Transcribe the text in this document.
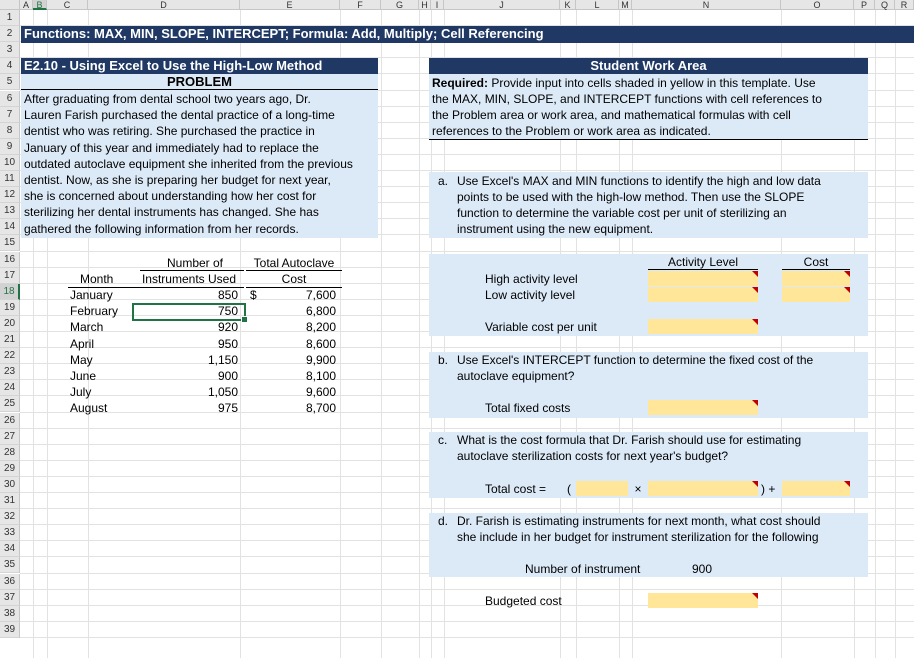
A B	C	D	E	F	G	H I	J	K	L	M	N	O	P	Q	R
1
2
3
4
5
6
7
8
9
10
11
12
13
14
15
16
17
18
19
20
21
22
23
24
25
26
27
28
29
30
31
32
33
34
35
36
37
38
39
Functions: MAX, MIN, SLOPE, INTERCEPT; Formula: Add, Multiply; Cell Referencing
E2.10 - Using Excel to Use the High-Low Method
PROBLEM
After graduating from dental school two years ago, Dr.
Lauren Farish purchased the dental practice of a long-time
dentist who was retiring. She purchased the practice in
January of this year and immediately had to replace the
outdated autoclave equipment she inherited from the previous
dentist. Now, as she is preparing her budget for next year,
she is concerned about understanding how her cost for
sterilizing her dental instruments has changed. She has
gathered the following information from her records.
Number of	Total Autoclave
Month	Instruments Used	Cost
January	850	7,600
February	750	6,800
March	920	8,200
April	950	8,600
May	1,150	9,900
June	900	8,100
July	1,050	9,600
August	975	8,700
$
Student Work Area
Required: Provide input into cells shaded in yellow in this template. Use
the MAX, MIN, SLOPE, and INTERCEPT functions with cell references to
the Problem area or work area, and mathematical formulas with cell
references to the Problem or work area as indicated.
a. Use Excel's MAX and MIN functions to identify the high and low data
points to be used with the high-low method. Then use the SLOPE
function to determine the variable cost per unit of sterilizing an
instrument using the new equipment.
Activity Level	Cost
High activity level
Low activity level
Variable cost per unit
b. Use Excel's INTERCEPT function to determine the fixed cost of the
autoclave equipment?
Total fixed costs
c. What is the cost formula that Dr. Farish should use for estimating
autoclave sterilization costs for next year's budget?
Total cost = (	×	) +
d. Dr. Farish is estimating instruments for next month, what cost should
she include in her budget for instrument sterilization for the following
Number of instrument	900
Budgeted cost
